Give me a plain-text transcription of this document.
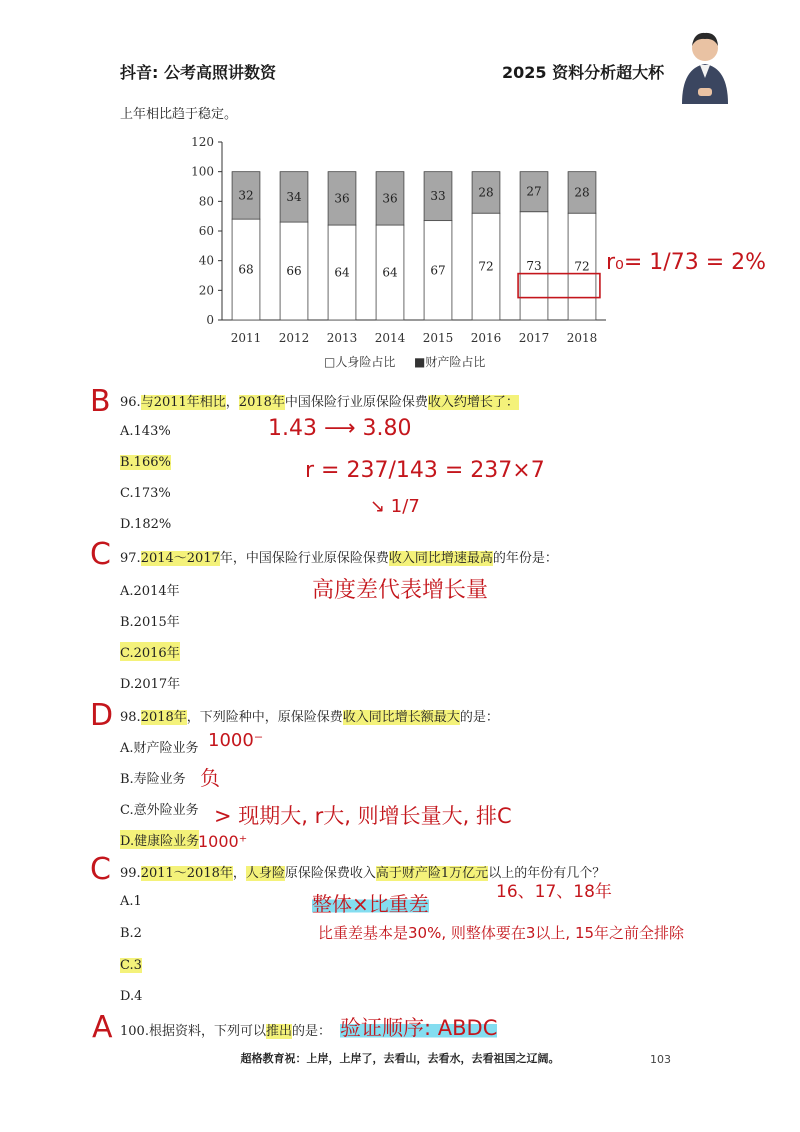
抖音: 公考高照讲数资	2025 资料分析超大杯
上年相比趋于稳定。
0
20
40
60
80
100
120
68
32
2011
66
34
2012
64
36
2013
64
36
2014
67
33
2015
72
28
2016
73
27
2017
72
28
2018
□人身险占比 ■财产险占比
r₀= 1/73 = 2%
B 96.与2011年相比，2018年中国保险行业原保险保费收入约增长了：
A.143%
B.166%
C.173%
D.182%
1.43 ⟶ 3.80
r = 237/143 = 237×7
↘ 1/7
C 97.2014～2017年，中国保险行业原保险保费收入同比增速最高的年份是：
A.2014年
B.2015年
C.2016年
D.2017年
高度差代表增长量
D 98.2018年，下列险种中，原保险保费收入同比增长额最大的是：
A.财产险业务
B.寿险业务
C.意外险业务
D.健康险业务
1000⁻
负
> 现期大, r大, 则增长量大, 排C
1000⁺
C 99.2011～2018年，人身险原保险保费收入高于财产险1万亿元以上的年份有几个？
A.1
B.2
C.3
D.4
16、17、18年
整体×比重差
比重差基本是30%, 则整体要在3以上, 15年之前全排除
A 100.根据资料，下列可以推出的是： 验证顺序: ABDC
超格教育祝：上岸，上岸了，去看山，去看水，去看祖国之辽阔。	103
